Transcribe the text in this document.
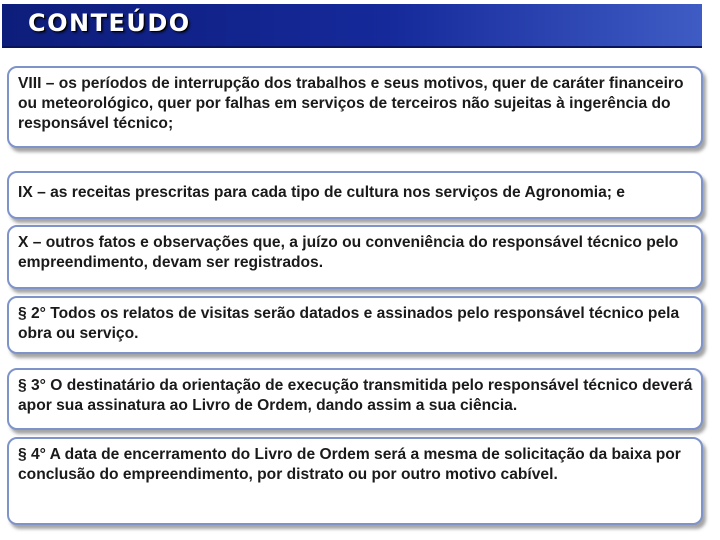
CONTEÚDO

VIII – os períodos de interrupção dos trabalhos e seus motivos, quer de caráter financeiro ou meteorológico, quer por falhas em serviços de terceiros não sujeitas à ingerência do responsável técnico;

IX – as receitas prescritas para cada tipo de cultura nos serviços de Agronomia; e

X – outros fatos e observações que, a juízo ou conveniência do responsável técnico pelo empreendimento, devam ser registrados.

§ 2° Todos os relatos de visitas serão datados e assinados pelo responsável técnico pela obra ou serviço.

§ 3° O destinatário da orientação de execução transmitida pelo responsável técnico deverá apor sua assinatura ao Livro de Ordem, dando assim a sua ciência.

§ 4° A data de encerramento do Livro de Ordem será a mesma de solicitação da baixa por conclusão do empreendimento, por distrato ou por outro motivo cabível.
